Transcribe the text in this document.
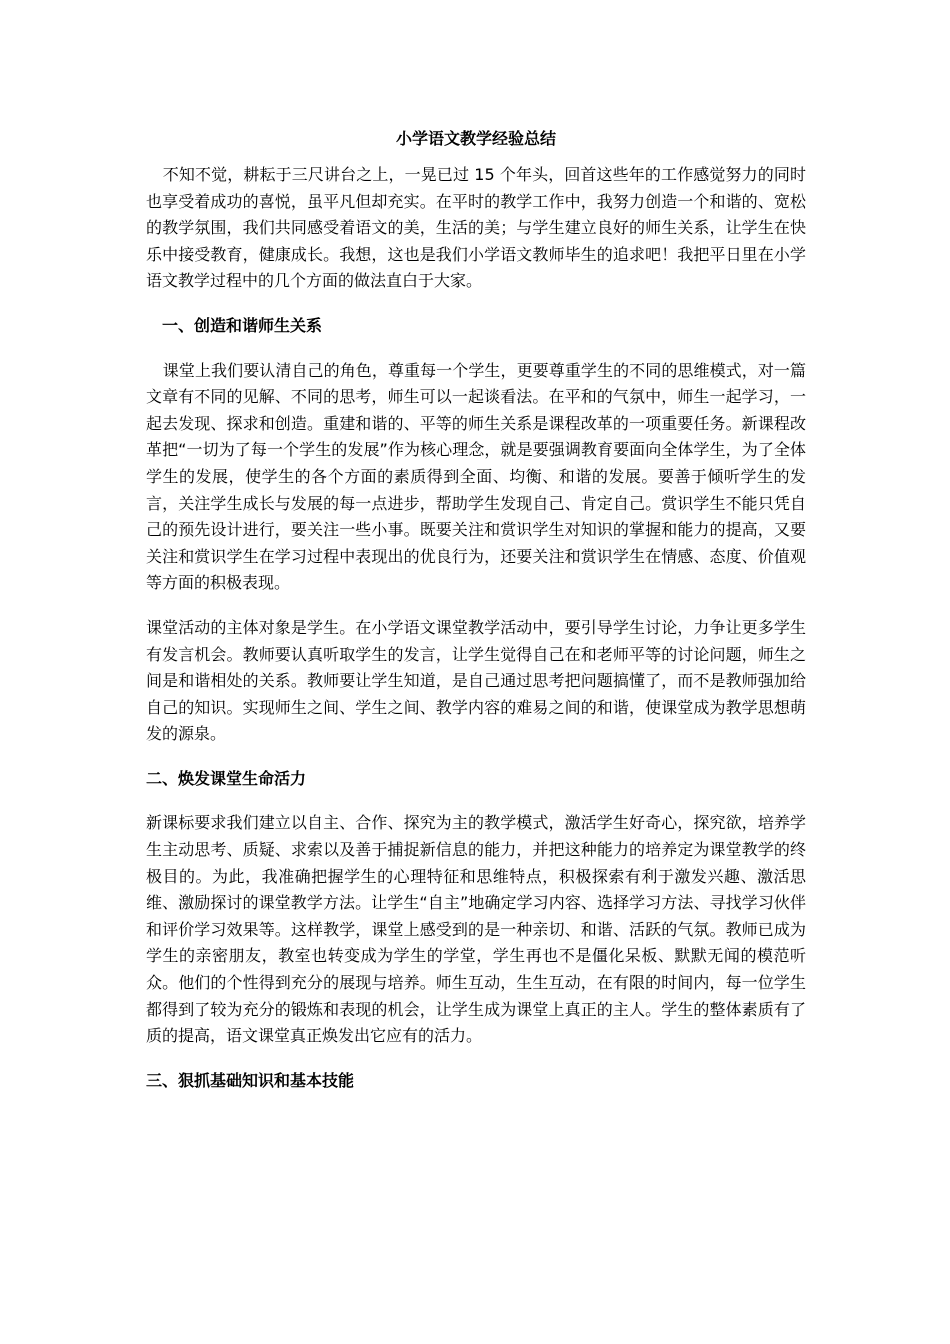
小学语文教学经验总结

不知不觉，耕耘于三尺讲台之上，一晃已过 15 个年头，回首这些年的工作感觉努力的同时也享受着成功的喜悦，虽平凡但却充实。在平时的教学工作中，我努力创造一个和谐的、宽松的教学氛围，我们共同感受着语文的美，生活的美；与学生建立良好的师生关系，让学生在快乐中接受教育，健康成长。我想，这也是我们小学语文教师毕生的追求吧！我把平日里在小学语文教学过程中的几个方面的做法直白于大家。

一、创造和谐师生关系

课堂上我们要认清自己的角色，尊重每一个学生，更要尊重学生的不同的思维模式，对一篇文章有不同的见解、不同的思考，师生可以一起谈看法。在平和的气氛中，师生一起学习，一起去发现、探求和创造。重建和谐的、平等的师生关系是课程改革的一项重要任务。新课程改革把“一切为了每一个学生的发展”作为核心理念，就是要强调教育要面向全体学生，为了全体学生的发展，使学生的各个方面的素质得到全面、均衡、和谐的发展。要善于倾听学生的发言，关注学生成长与发展的每一点进步，帮助学生发现自己、肯定自己。赏识学生不能只凭自己的预先设计进行，要关注一些小事。既要关注和赏识学生对知识的掌握和能力的提高，又要关注和赏识学生在学习过程中表现出的优良行为，还要关注和赏识学生在情感、态度、价值观等方面的积极表现。

课堂活动的主体对象是学生。在小学语文课堂教学活动中，要引导学生讨论，力争让更多学生有发言机会。教师要认真听取学生的发言，让学生觉得自己在和老师平等的讨论问题，师生之间是和谐相处的关系。教师要让学生知道，是自己通过思考把问题搞懂了，而不是教师强加给自己的知识。实现师生之间、学生之间、教学内容的难易之间的和谐，使课堂成为教学思想萌发的源泉。

二、焕发课堂生命活力

新课标要求我们建立以自主、合作、探究为主的教学模式，激活学生好奇心，探究欲，培养学生主动思考、质疑、求索以及善于捕捉新信息的能力，并把这种能力的培养定为课堂教学的终极目的。为此，我准确把握学生的心理特征和思维特点，积极探索有利于激发兴趣、激活思维、激励探讨的课堂教学方法。让学生“自主”地确定学习内容、选择学习方法、寻找学习伙伴和评价学习效果等。这样教学，课堂上感受到的是一种亲切、和谐、活跃的气氛。教师已成为学生的亲密朋友，教室也转变成为学生的学堂，学生再也不是僵化呆板、默默无闻的模范听众。他们的个性得到充分的展现与培养。师生互动，生生互动，在有限的时间内，每一位学生都得到了较为充分的锻炼和表现的机会，让学生成为课堂上真正的主人。学生的整体素质有了质的提高，语文课堂真正焕发出它应有的活力。

三、狠抓基础知识和基本技能
